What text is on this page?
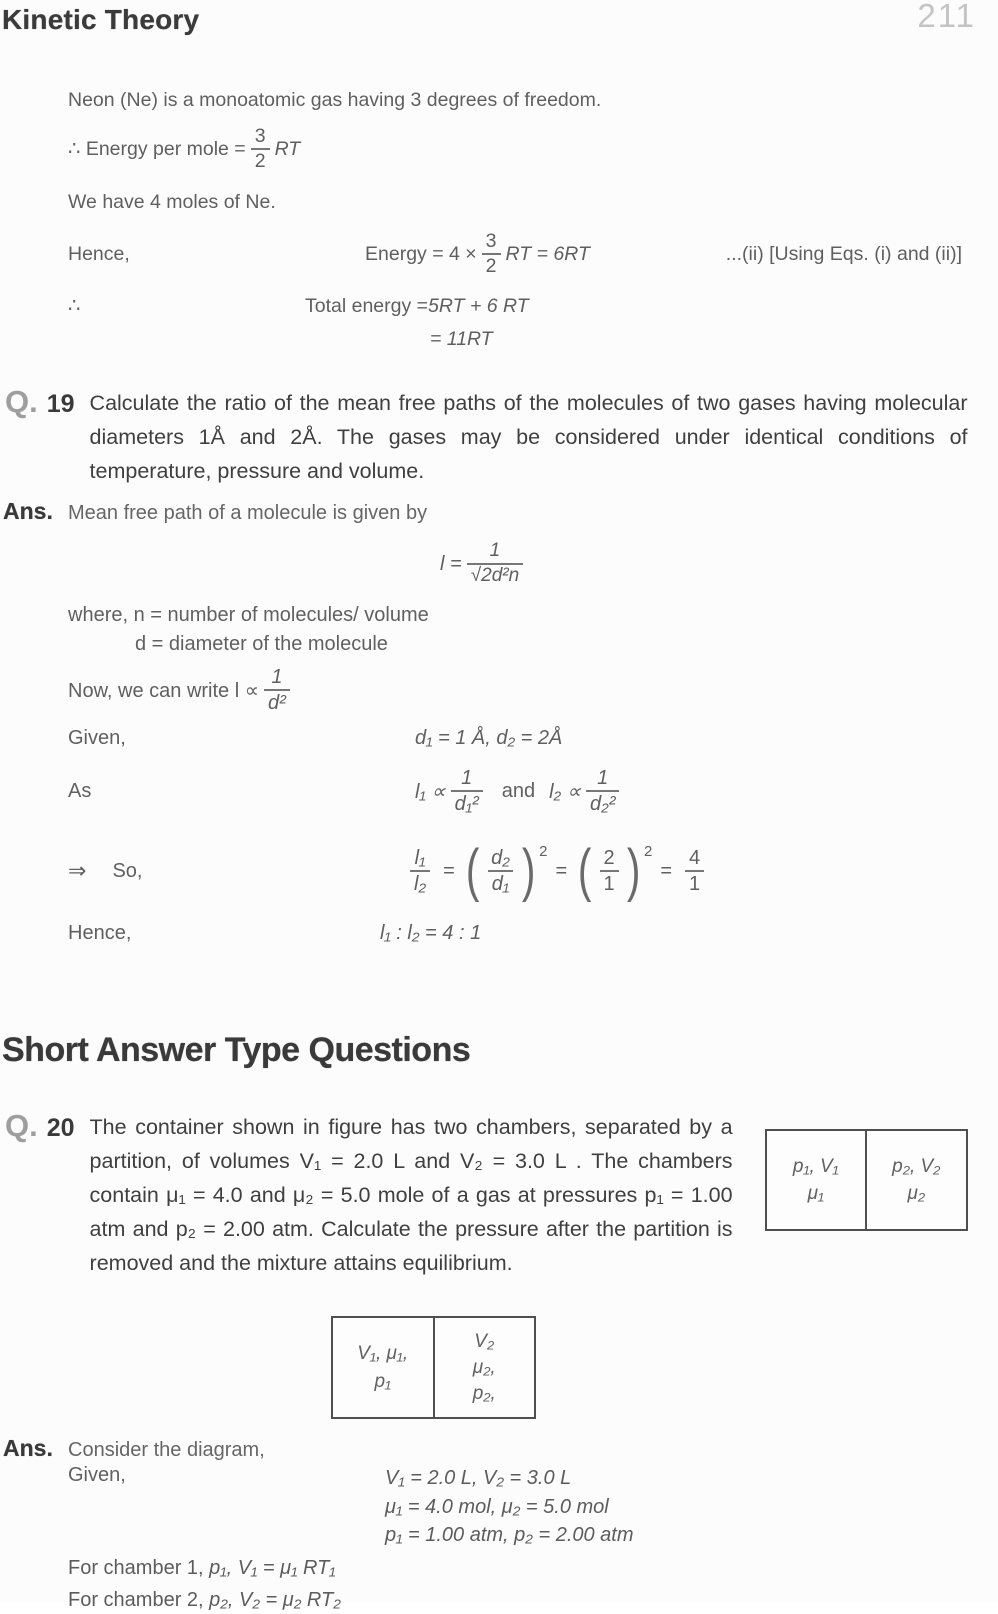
Kinetic Theory	211
Neon (Ne) is a monoatomic gas having 3 degrees of freedom.
∴ Energy per mole = $\frac{3}{2}$ RT
We have 4 moles of Ne.
Hence,	Energy = $4 \times \frac{3}{2}$ RT = 6RT	...(ii) [Using Eqs. (i) and (ii)]
∴	Total energy = 5RT + 6 RT
= 11RT
Q. 19 Calculate the ratio of the mean free paths of the molecules of two gases having molecular diameters 1Å and 2Å. The gases may be considered under identical conditions of temperature, pressure and volume.
Ans. Mean free path of a molecule is given by
$l = \frac{1}{\text{√2d²n}}$
where, n = number of molecules/ volume
d = diameter of the molecule
Now, we can write $l \propto \frac{1}{\text{d²}}$
Given,	d₁ = 1 Å, d₂ = 2Å
As	$l_1 \propto \frac{1}{\text{d₁²}}$ and $l_2 \propto \frac{1}{\text{d₂²}}$
⇒ So,	$\frac{\text{l₁}}{\text{l₂}}$ = ( $\frac{\text{d₂}}{\text{d₁}}$ ) $^2$
= ( $\frac{2}{1}$ ) $^2$
= $\frac{4}{1}$
Hence,	l₁ : l₂ = 4 : 1
Short Answer Type Questions
Q. 20
p₁, V₁
μ₁
p₂, V₂
μ₂
The container shown in figure has two chambers, separated by a partition, of volumes V₁ = 2.0 L and V₂ = 3.0 L . The chambers contain μ₁ = 4.0 and μ₂ = 5.0 mole of a gas at pressures p₁ = 1.00 atm and p₂ = 2.00 atm. Calculate the pressure after the partition is removed and the mixture attains equilibrium.
V₁, μ₁,
p₁
V₂
μ₂,
p₂,
Ans. Consider the diagram,
Given,	V₁ = 2.0 L, V₂ = 3.0 L
μ₁ = 4.0 mol, μ₂ = 5.0 mol
p₁ = 1.00 atm, p₂ = 2.00 atm
For chamber 1, p₁, V₁ = μ₁ RT₁
For chamber 2, p₂, V₂ = μ₂ RT₂
